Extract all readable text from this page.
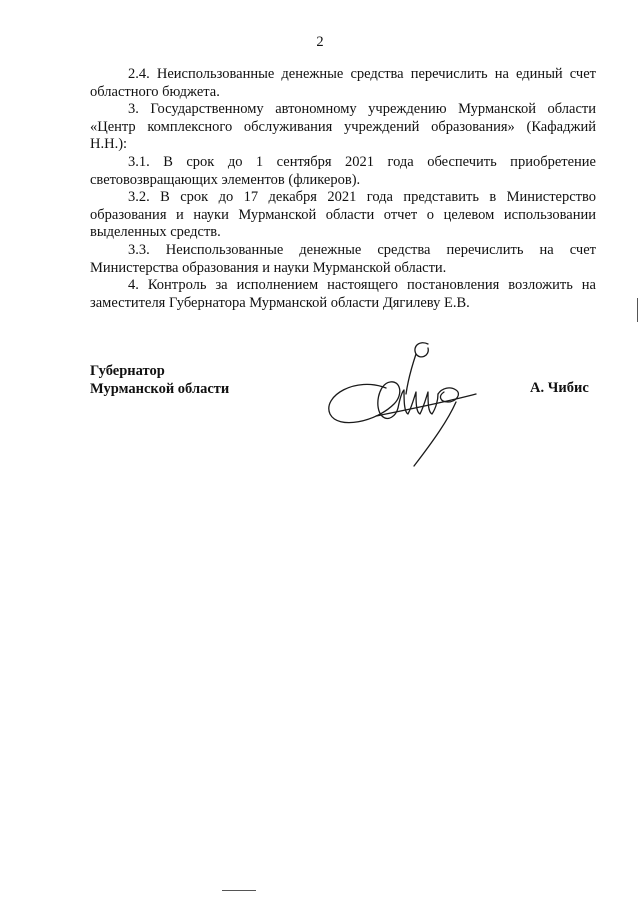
2

2.4. Неиспользованные денежные средства перечислить на единый счет областного бюджета.

3. Государственному автономному учреждению Мурманской области «Центр комплексного обслуживания учреждений образования» (Кафаджий Н.Н.):

3.1. В срок до 1 сентября 2021 года обеспечить приобретение световозвращающих элементов (фликеров).

3.2. В срок до 17 декабря 2021 года представить в Министерство образования и науки Мурманской области отчет о целевом использовании выделенных средств.

3.3. Неиспользованные денежные средства перечислить на счет Министерства образования и науки Мурманской области.

4. Контроль за исполнением настоящего постановления возложить на заместителя Губернатора Мурманской области Дягилеву Е.В.

Губернатор
Мурманской области	А. Чибис
